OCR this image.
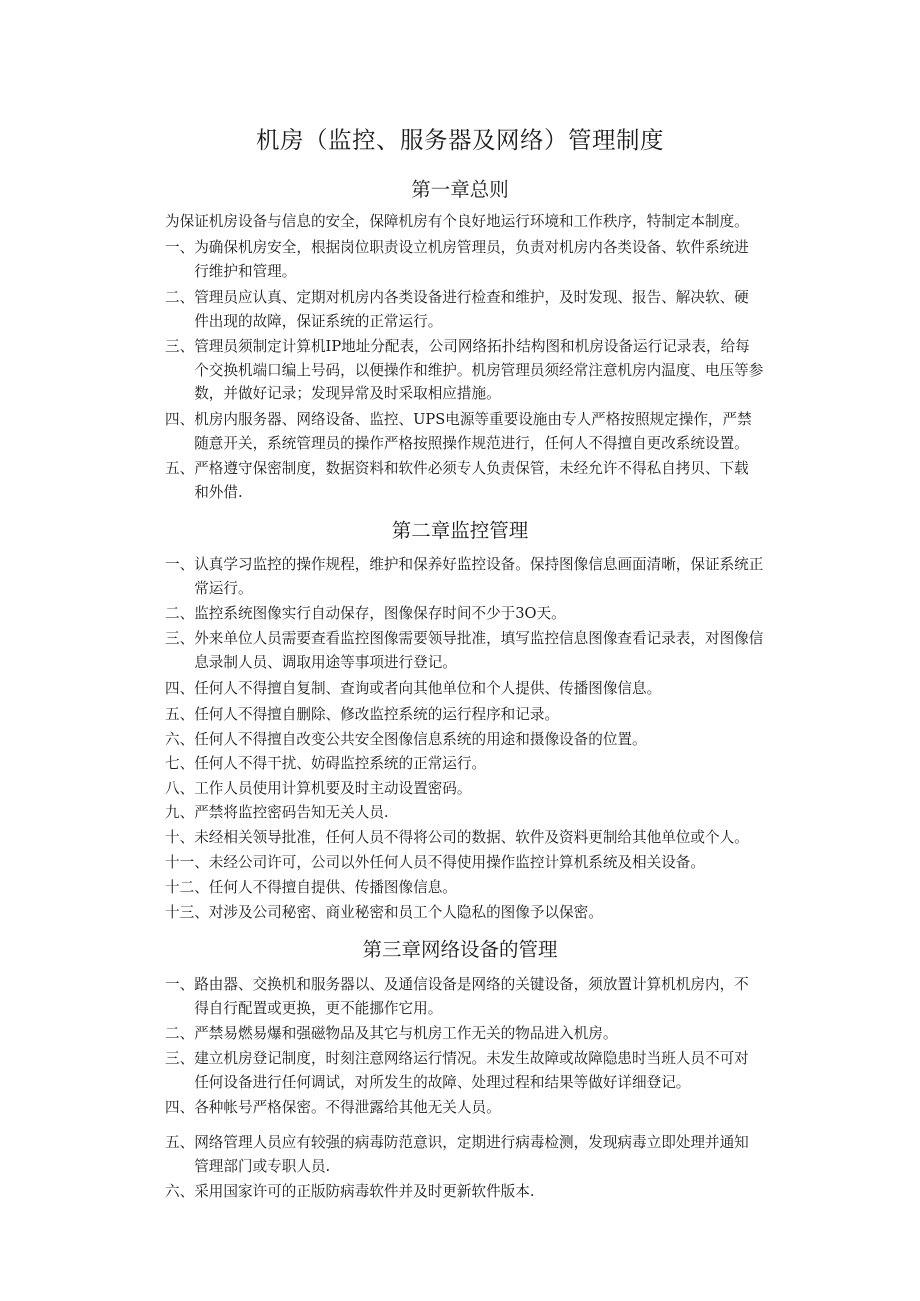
机房（监控、服务器及网络）管理制度
第一章总则

为保证机房设备与信息的安全，保障机房有个良好地运行环境和工作秩序，特制定本制度。

一、 为确保机房安全，根据岗位职责设立机房管理员，负责对机房内各类设备、软件系统进
行维护和管理。
二、 管理员应认真、定期对机房内各类设备进行检查和维护，及时发现、报告、解决软、硬
件出现的故障，保证系统的正常运行。
三、 管理员须制定计算机IP地址分配表，公司网络拓扑结构图和机房设备运行记录表，给每
个交换机端口编上号码，以便操作和维护。机房管理员须经常注意机房内温度、电压等参
数，并做好记录；发现异常及时采取相应措施。
四、 机房内服务器、网络设备、监控、UPS电源等重要设施由专人严格按照规定操作，严禁
随意开关，系统管理员的操作严格按照操作规范进行，任何人不得擅自更改系统设置。
五、 严格遵守保密制度，数据资料和软件必须专人负责保管，未经允许不得私自拷贝、下载
和外借.
第二章监控管理
一、 认真学习监控的操作规程，维护和保养好监控设备。保持图像信息画面清晰，保证系统正
常运行。
二、 监控系统图像实行自动保存，图像保存时间不少于3O天。
三、 外来单位人员需要查看监控图像需要领导批准，填写监控信息图像查看记录表，对图像信
息录制人员、调取用途等事项进行登记。
四、 任何人不得擅自复制、查询或者向其他单位和个人提供、传播图像信息。
五、 任何人不得擅自删除、修改监控系统的运行程序和记录。
六、 任何人不得擅自改变公共安全图像信息系统的用途和摄像设备的位置。
七、 任何人不得干扰、妨碍监控系统的正常运行。
八、 工作人员使用计算机要及时主动设置密码。
九、 严禁将监控密码告知无关人员.
十、 未经相关领导批准，任何人员不得将公司的数据、软件及资料更制给其他单位或个人。
十一、 未经公司许可，公司以外任何人员不得使用操作监控计算机系统及相关设备。
十二、 任何人不得擅自提供、传播图像信息。
十三、 对涉及公司秘密、商业秘密和员工个人隐私的图像予以保密。
第三章网络设备的管理
一、 路由器、交换机和服务器以、及通信设备是网络的关键设备，须放置计算机机房内，不
得自行配置或更换，更不能挪作它用。
二、 严禁易燃易爆和强磁物品及其它与机房工作无关的物品进入机房。
三、 建立机房登记制度，时刻注意网络运行情况。未发生故障或故障隐患时当班人员不可对
任何设备进行任何调试，对所发生的故障、处理过程和结果等做好详细登记。
四、 各种帐号严格保密。不得泄露给其他无关人员。
五、 网络管理人员应有较强的病毒防范意识，定期进行病毒检测，发现病毒立即处理并通知
管理部门或专职人员.
六、 采用国家许可的正版防病毒软件并及时更新软件版本.
